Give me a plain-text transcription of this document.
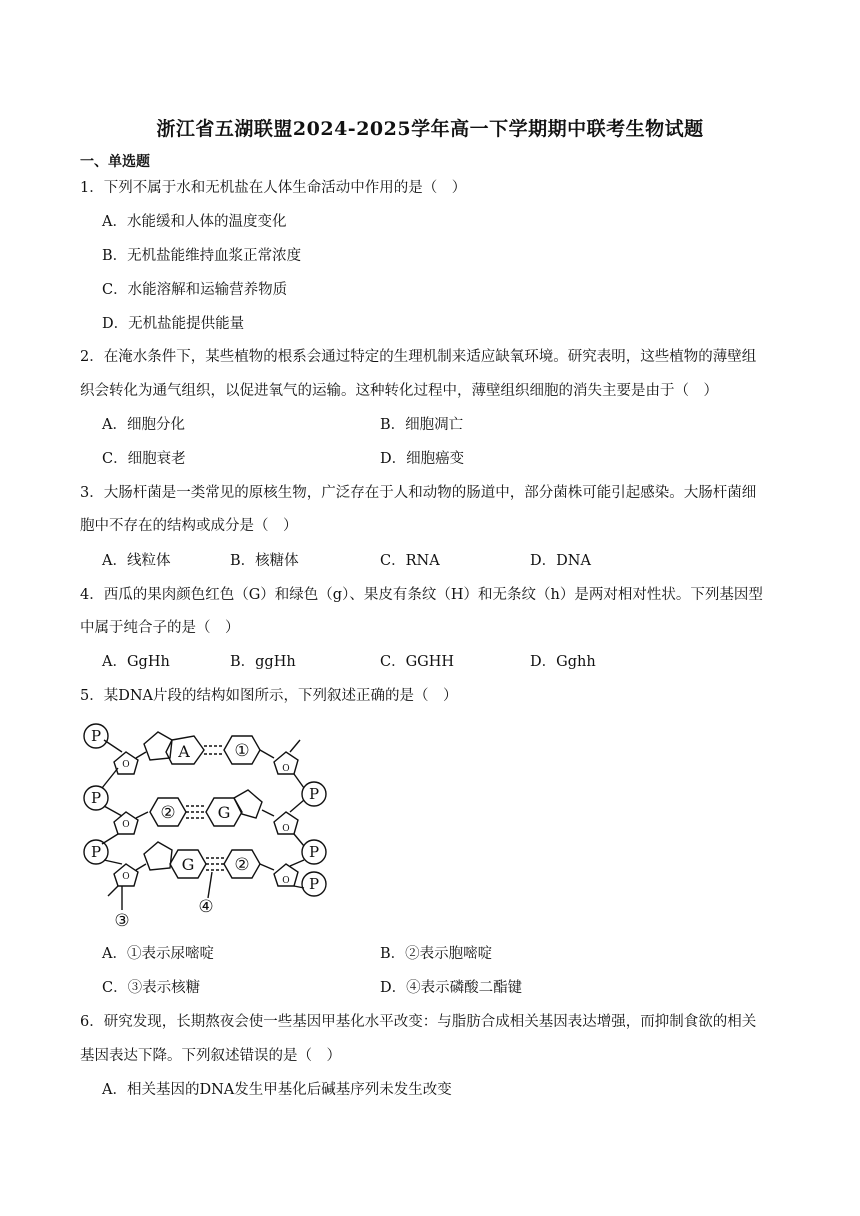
浙江省五湖联盟2024-2025学年高一下学期期中联考生物试题
一、单选题
1．下列不属于水和无机盐在人体生命活动中作用的是（　）
A．水能缓和人体的温度变化
B．无机盐能维持血浆正常浓度
C．水能溶解和运输营养物质
D．无机盐能提供能量
2．在淹水条件下，某些植物的根系会通过特定的生理机制来适应缺氧环境。研究表明，这些植物的薄壁组
织会转化为通气组织，以促进氧气的运输。这种转化过程中，薄壁组织细胞的消失主要是由于（　）
A．细胞分化	B．细胞凋亡
C．细胞衰老	D．细胞癌变
3．大肠杆菌是一类常见的原核生物，广泛存在于人和动物的肠道中，部分菌株可能引起感染。大肠杆菌细
胞中不存在的结构或成分是（　）
A．线粒体	B．核糖体	C．RNA	D．DNA
4．西瓜的果肉颜色红色（G）和绿色（g）、果皮有条纹（H）和无条纹（h）是两对相对性状。下列基因型
中属于纯合子的是（　）
A．GgHh	B．ggHh	C．GGHH	D．Gghh
5．某DNA片段的结构如图所示，下列叙述正确的是（　）
P
P
P
O
O
O
A	①
②	G
G ②
O
O
O
P
P
P
③
④
A．①表示尿嘧啶	B．②表示胞嘧啶
C．③表示核糖	D．④表示磷酸二酯键
6．研究发现，长期熬夜会使一些基因甲基化水平改变：与脂肪合成相关基因表达增强，而抑制食欲的相关
基因表达下降。下列叙述错误的是（　）
A．相关基因的DNA发生甲基化后碱基序列未发生改变
